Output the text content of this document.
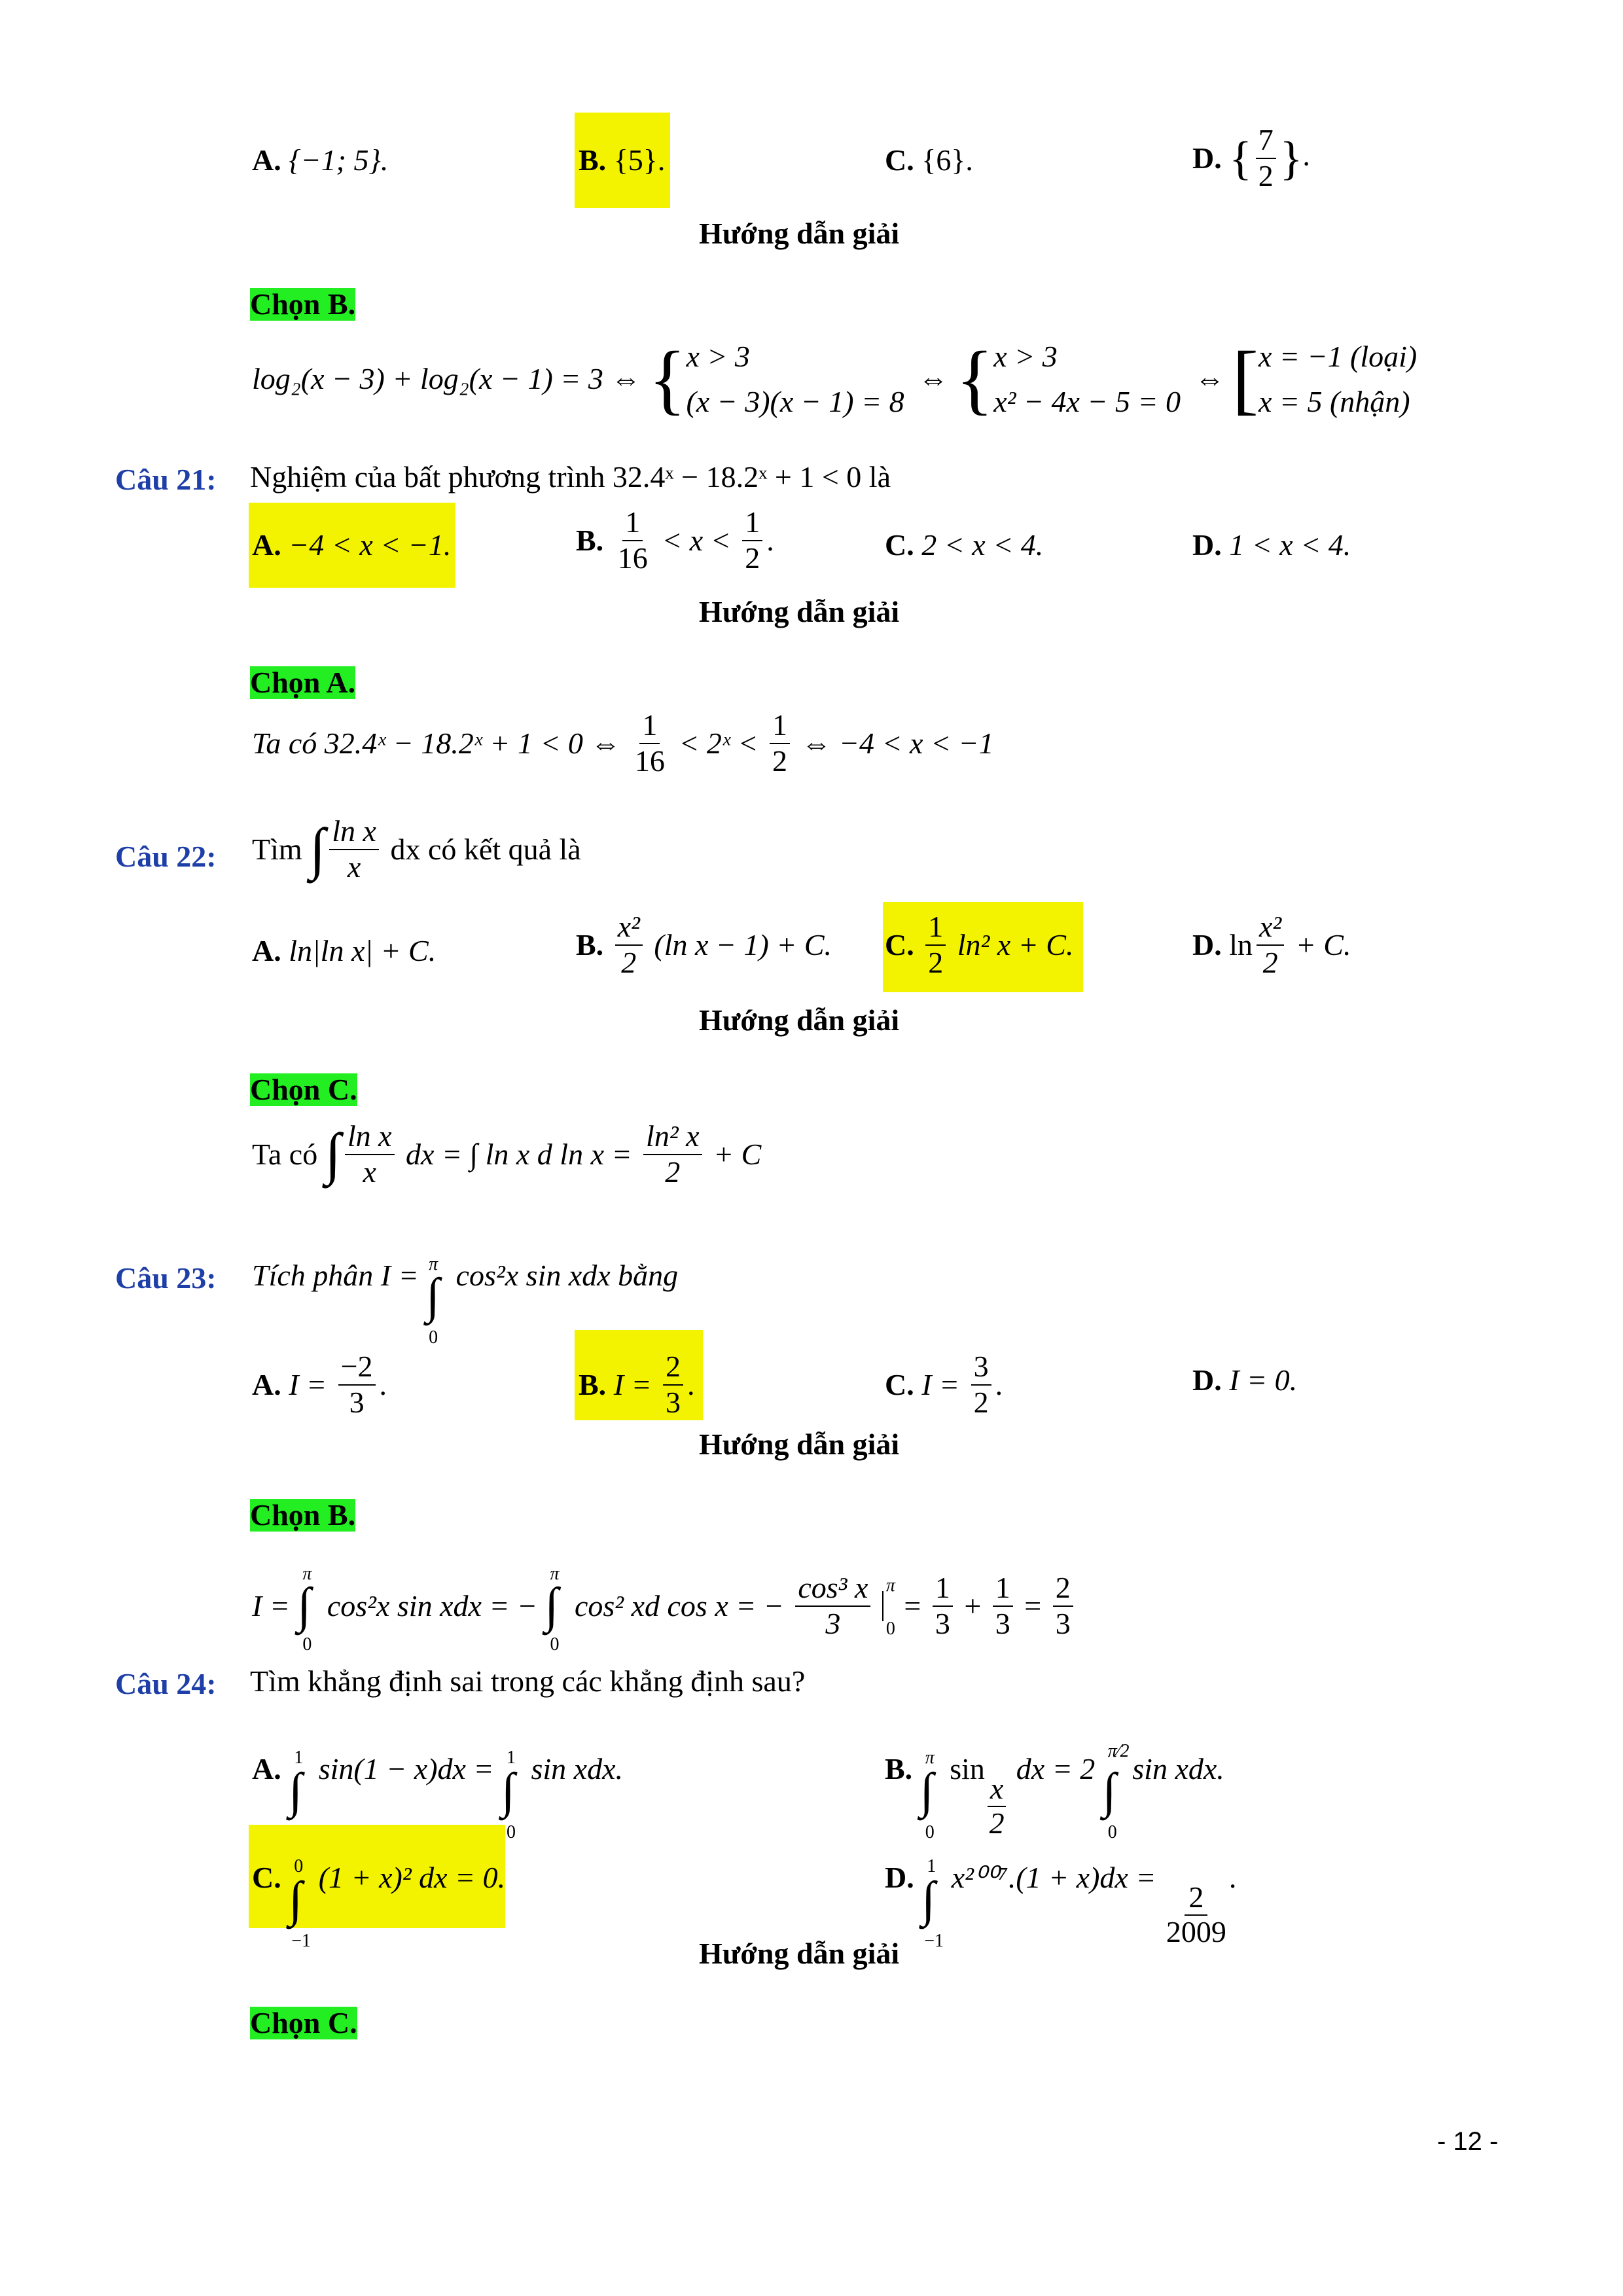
A. {−1; 5}.	B. {5}.	C. {6}.	D. { $\frac{7}{2}$ }.
Hướng dẫn giải
Chọn B.
log₂(x − 3) + log₂(x − 1) = 3 ⇔ { x > 3
(x − 3)(x − 1) = 8
⇔ { x > 3
x² − 4x − 5 = 0
⇔ [ x = −1 (loại)
x = 5 (nhận)
Câu 21: Nghiệm của bất phương trình 32.4ˣ − 18.2ˣ + 1 < 0 là
A. −4 < x < −1.	B. $\frac{1}{16} < x < \frac{1}{2}$ .	C. 2 < x < 4.	D. 1 < x < 4.
Hướng dẫn giải
Chọn A.
Ta có 32.4ˣ − 18.2ˣ + 1 < 0 ⇔ $\frac{1}{16}$ < 2ˣ < $\frac{1}{2}$ ⇔ −4 < x < −1
Câu 22: Tìm ∫ $\frac{\text{ln x}}{x}$ dx có kết quả là
A. ln|ln x| + C.	B. $\frac{\text{x²}}{2} (\ln$ x − 1) + C. C. $\frac{1}{2} \ln^2$ x + C.	D. $\ln \frac{\text{x²}}{2} + C$.
Hướng dẫn giải
Chọn C.
Ta có ∫ $\frac{\text{ln x}}{x}$ dx = ∫ ln x d $\ln x = \frac{\text{ln² x}}{2} + C$
Câu 23: Tích phân I = π
∫
0
cos²x sin xdx bằng
A. $I = \frac{-2}{3}$ .	B. $I = \frac{2}{3}$ .	C. $I = \frac{3}{2}$ .	D. I = 0.
Hướng dẫn giải
Chọn B.
I =
π
∫
0
cos²x sin xdx = −
π
∫
0
cos² xd cos x = − $\frac{\text{cos³ x}}{3}$
π
0
= $\frac{1}{3} + \frac{1}{3} = \frac{2}{3}$
Câu 24: Tìm khẳng định sai trong các khẳng định sau?
A. 1
∫ sin(1 − x)dx = 1
∫
0
sin xdx.	B. π
∫
0
sin
$\frac{x}{2}$
dx = 2
π⁄2
∫
0
sin xdx.
C. 0
∫
−1
(1 + x)² dx = 0.	D. 1
∫
−1
x²⁰⁰⁷.(1 + x)dx =
$\frac{2}{2009}$
.
Hướng dẫn giải
Chọn C.
- 12 -
